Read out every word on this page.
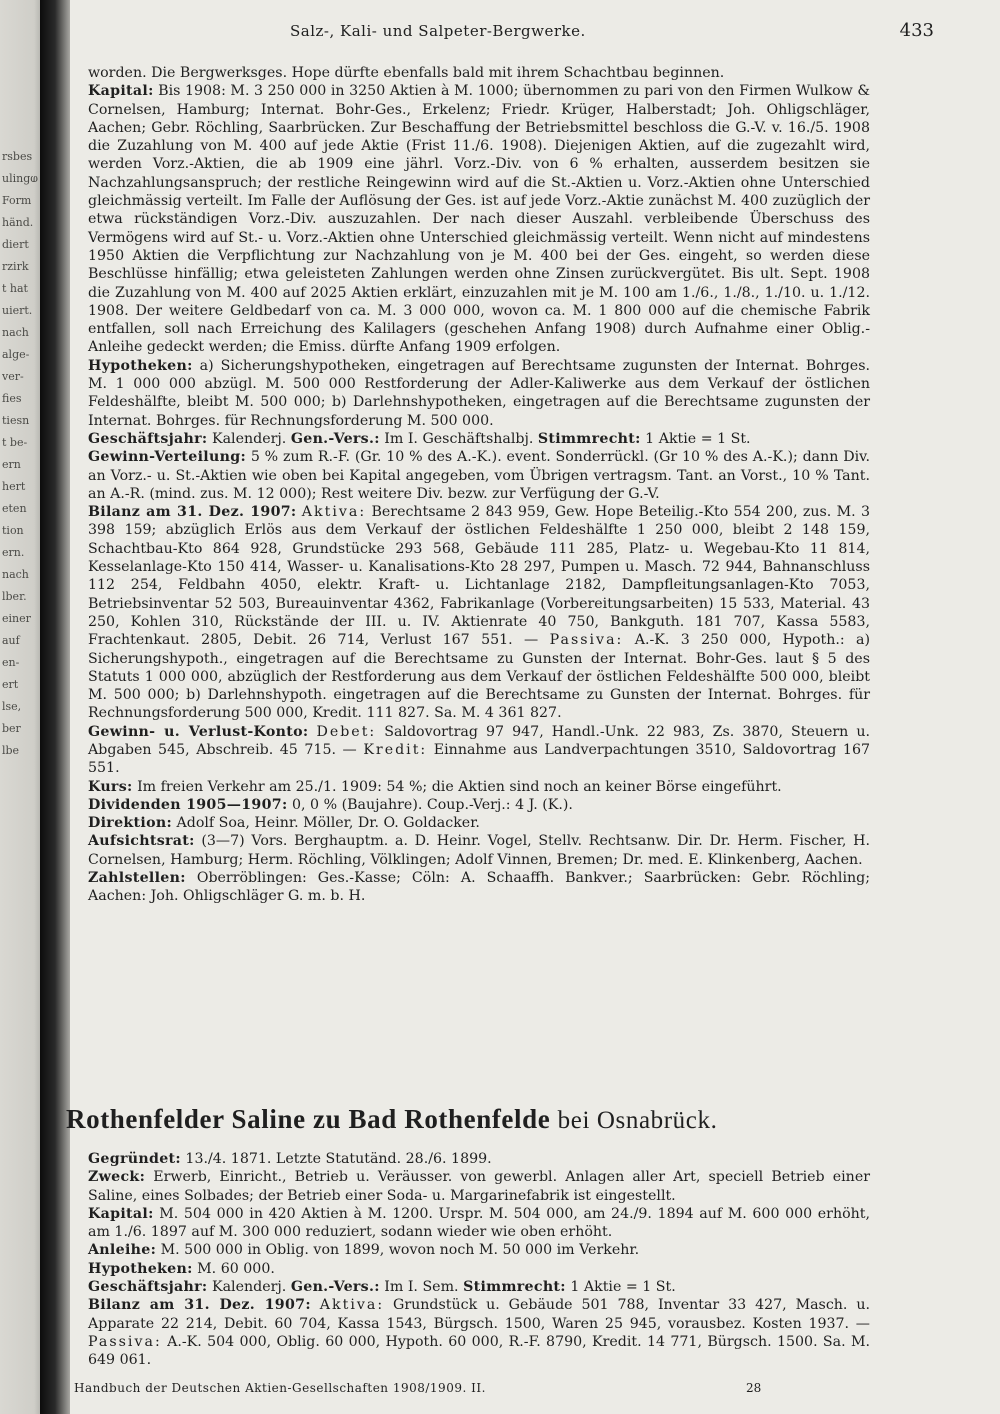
rsbes
ulingⱷ
Form
händ.
diert
rzirk
t hat
uiert.
nach
alge-
ver-
fies
tiesn
t be-
ern
hert
eten
tion
ern.
nach
lber.
einer
auf
en-
ert
lse,
ber
lbe
Salz-, Kali- und Salpeter-Bergwerke.	433

worden. Die Bergwerksges. Hope dürfte ebenfalls bald mit ihrem Schachtbau beginnen.

Kapital: Bis 1908: M. 3 250 000 in 3250 Aktien à M. 1000; übernommen zu pari von den Firmen Wulkow & Cornelsen, Hamburg; Internat. Bohr-Ges., Erkelenz; Friedr. Krüger, Halberstadt; Joh. Ohligschläger, Aachen; Gebr. Röchling, Saarbrücken. Zur Beschaffung der Betriebsmittel beschloss die G.-V. v. 16./5. 1908 die Zuzahlung von M. 400 auf jede Aktie (Frist 11./6. 1908). Diejenigen Aktien, auf die zugezahlt wird, werden Vorz.-Aktien, die ab 1909 eine jährl. Vorz.-Div. von 6 % erhalten, ausserdem besitzen sie Nachzahlungsanspruch; der restliche Reingewinn wird auf die St.-Aktien u. Vorz.-Aktien ohne Unterschied gleichmässig verteilt. Im Falle der Auflösung der Ges. ist auf jede Vorz.-Aktie zunächst M. 400 zuzüglich der etwa rückständigen Vorz.-Div. auszuzahlen. Der nach dieser Auszahl. verbleibende Überschuss des Vermögens wird auf St.- u. Vorz.-Aktien ohne Unterschied gleichmässig verteilt. Wenn nicht auf mindestens 1950 Aktien die Verpflichtung zur Nachzahlung von je M. 400 bei der Ges. eingeht, so werden diese Beschlüsse hinfällig; etwa geleisteten Zahlungen werden ohne Zinsen zurückvergütet. Bis ult. Sept. 1908 die Zuzahlung von M. 400 auf 2025 Aktien erklärt, einzuzahlen mit je M. 100 am 1./6., 1./8., 1./10. u. 1./12. 1908. Der weitere Geldbedarf von ca. M. 3 000 000, wovon ca. M. 1 800 000 auf die chemische Fabrik entfallen, soll nach Erreichung des Kalilagers (geschehen Anfang 1908) durch Aufnahme einer Oblig.-Anleihe gedeckt werden; die Emiss. dürfte Anfang 1909 erfolgen.

Hypotheken: a) Sicherungshypotheken, eingetragen auf Berechtsame zugunsten der Internat. Bohrges. M. 1 000 000 abzügl. M. 500 000 Restforderung der Adler-Kaliwerke aus dem Verkauf der östlichen Feldeshälfte, bleibt M. 500 000; b) Darlehnshypotheken, eingetragen auf die Berechtsame zugunsten der Internat. Bohrges. für Rechnungsforderung M. 500 000.

Geschäftsjahr: Kalenderj. Gen.-Vers.: Im I. Geschäftshalbj. Stimmrecht: 1 Aktie = 1 St.

Gewinn-Verteilung: 5 % zum R.-F. (Gr. 10 % des A.-K.). event. Sonderrückl. (Gr 10 % des A.-K.); dann Div. an Vorz.- u. St.-Aktien wie oben bei Kapital angegeben, vom Übrigen vertragsm. Tant. an Vorst., 10 % Tant. an A.-R. (mind. zus. M. 12 000); Rest weitere Div. bezw. zur Verfügung der G.-V.

Bilanz am 31. Dez. 1907: Aktiva: Berechtsame 2 843 959, Gew. Hope Beteilig.-Kto 554 200, zus. M. 3 398 159; abzüglich Erlös aus dem Verkauf der östlichen Feldeshälfte 1 250 000, bleibt 2 148 159, Schachtbau-Kto 864 928, Grundstücke 293 568, Gebäude 111 285, Platz- u. Wegebau-Kto 11 814, Kesselanlage-Kto 150 414, Wasser- u. Kanalisations-Kto 28 297, Pumpen u. Masch. 72 944, Bahnanschluss 112 254, Feldbahn 4050, elektr. Kraft- u. Lichtanlage 2182, Dampfleitungsanlagen-Kto 7053, Betriebsinventar 52 503, Bureauinventar 4362, Fabrikanlage (Vorbereitungsarbeiten) 15 533, Material. 43 250, Kohlen 310, Rückstände der III. u. IV. Aktienrate 40 750, Bankguth. 181 707, Kassa 5583, Frachtenkaut. 2805, Debit. 26 714, Verlust 167 551. — Passiva: A.-K. 3 250 000, Hypoth.: a) Sicherungshypoth., eingetragen auf die Berechtsame zu Gunsten der Internat. Bohr-Ges. laut § 5 des Statuts 1 000 000, abzüglich der Restforderung aus dem Verkauf der östlichen Feldeshälfte 500 000, bleibt M. 500 000; b) Darlehnshypoth. eingetragen auf die Berechtsame zu Gunsten der Internat. Bohrges. für Rechnungsforderung 500 000, Kredit. 111 827. Sa. M. 4 361 827.

Gewinn- u. Verlust-Konto: Debet: Saldovortrag 97 947, Handl.-Unk. 22 983, Zs. 3870, Steuern u. Abgaben 545, Abschreib. 45 715. — Kredit: Einnahme aus Landverpachtungen 3510, Saldovortrag 167 551.

Kurs: Im freien Verkehr am 25./1. 1909: 54 %; die Aktien sind noch an keiner Börse eingeführt.

Dividenden 1905—1907: 0, 0 % (Baujahre). Coup.-Verj.: 4 J. (K.).

Direktion: Adolf Soa, Heinr. Möller, Dr. O. Goldacker.

Aufsichtsrat: (3—7) Vors. Berghauptm. a. D. Heinr. Vogel, Stellv. Rechtsanw. Dir. Dr. Herm. Fischer, H. Cornelsen, Hamburg; Herm. Röchling, Völklingen; Adolf Vinnen, Bremen; Dr. med. E. Klinkenberg, Aachen.

Zahlstellen: Oberröblingen: Ges.-Kasse; Cöln: A. Schaaffh. Bankver.; Saarbrücken: Gebr. Röchling; Aachen: Joh. Ohligschläger G. m. b. H.

Rothenfelder Saline zu Bad Rothenfelde bei Osnabrück.

Gegründet: 13./4. 1871. Letzte Statutänd. 28./6. 1899.

Zweck: Erwerb, Einricht., Betrieb u. Veräusser. von gewerbl. Anlagen aller Art, speciell Betrieb einer Saline, eines Solbades; der Betrieb einer Soda- u. Margarinefabrik ist eingestellt.

Kapital: M. 504 000 in 420 Aktien à M. 1200. Urspr. M. 504 000, am 24./9. 1894 auf M. 600 000 erhöht, am 1./6. 1897 auf M. 300 000 reduziert, sodann wieder wie oben erhöht.

Anleihe: M. 500 000 in Oblig. von 1899, wovon noch M. 50 000 im Verkehr.

Hypotheken: M. 60 000.

Geschäftsjahr: Kalenderj. Gen.-Vers.: Im I. Sem. Stimmrecht: 1 Aktie = 1 St.

Bilanz am 31. Dez. 1907: Aktiva: Grundstück u. Gebäude 501 788, Inventar 33 427, Masch. u. Apparate 22 214, Debit. 60 704, Kassa 1543, Bürgsch. 1500, Waren 25 945, vorausbez. Kosten 1937. — Passiva: A.-K. 504 000, Oblig. 60 000, Hypoth. 60 000, R.-F. 8790, Kredit. 14 771, Bürgsch. 1500. Sa. M. 649 061.

Handbuch der Deutschen Aktien-Gesellschaften 1908/1909. II.	28
